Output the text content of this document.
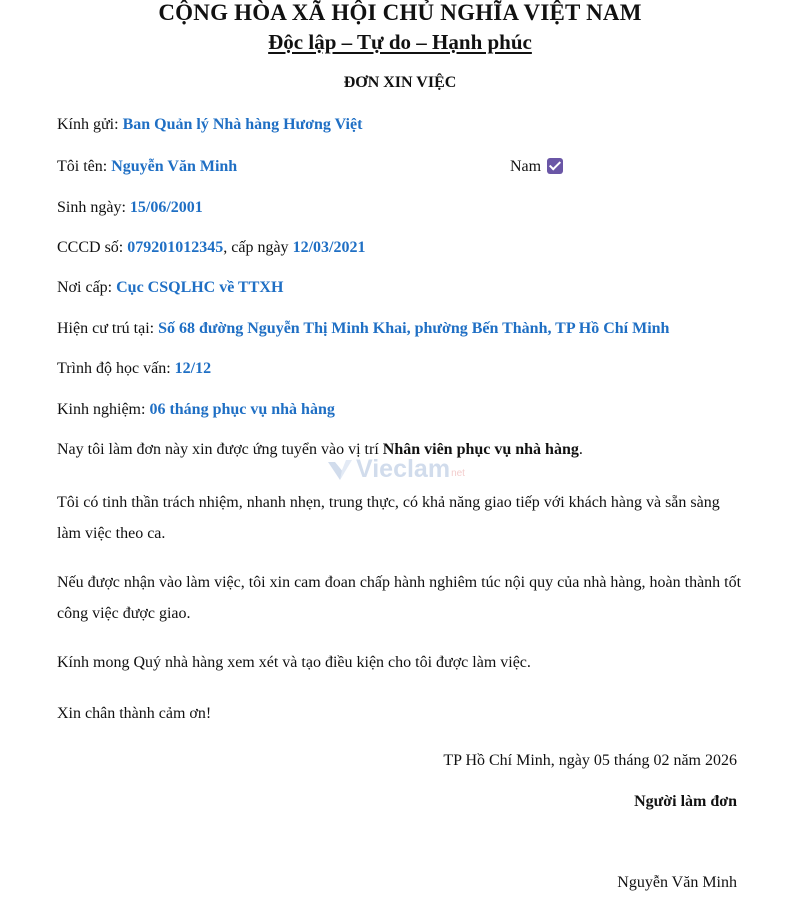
CỘNG HÒA XÃ HỘI CHỦ NGHĨA VIỆT NAM
Độc lập – Tự do – Hạnh phúc
ĐƠN XIN VIỆC
Kính gửi: Ban Quản lý Nhà hàng Hương Việt
Tôi tên: Nguyễn Văn Minh	Nam
Sinh ngày: 15/06/2001
CCCD số: 079201012345, cấp ngày 12/03/2021
Nơi cấp: Cục CSQLHC về TTXH
Hiện cư trú tại: Số 68 đường Nguyễn Thị Minh Khai, phường Bến Thành, TP Hồ Chí Minh
Trình độ học vấn: 12/12
Kinh nghiệm: 06 tháng phục vụ nhà hàng
Nay tôi làm đơn này xin được ứng tuyển vào vị trí Nhân viên phục vụ nhà hàng.
Vieclam net
Tôi có tinh thần trách nhiệm, nhanh nhẹn, trung thực, có khả năng giao tiếp với khách hàng và sẵn sàng làm việc theo ca.
Nếu được nhận vào làm việc, tôi xin cam đoan chấp hành nghiêm túc nội quy của nhà hàng, hoàn thành tốt công việc được giao.
Kính mong Quý nhà hàng xem xét và tạo điều kiện cho tôi được làm việc.
Xin chân thành cảm ơn!
TP Hồ Chí Minh, ngày 05 tháng 02 năm 2026
Người làm đơn
Nguyễn Văn Minh
